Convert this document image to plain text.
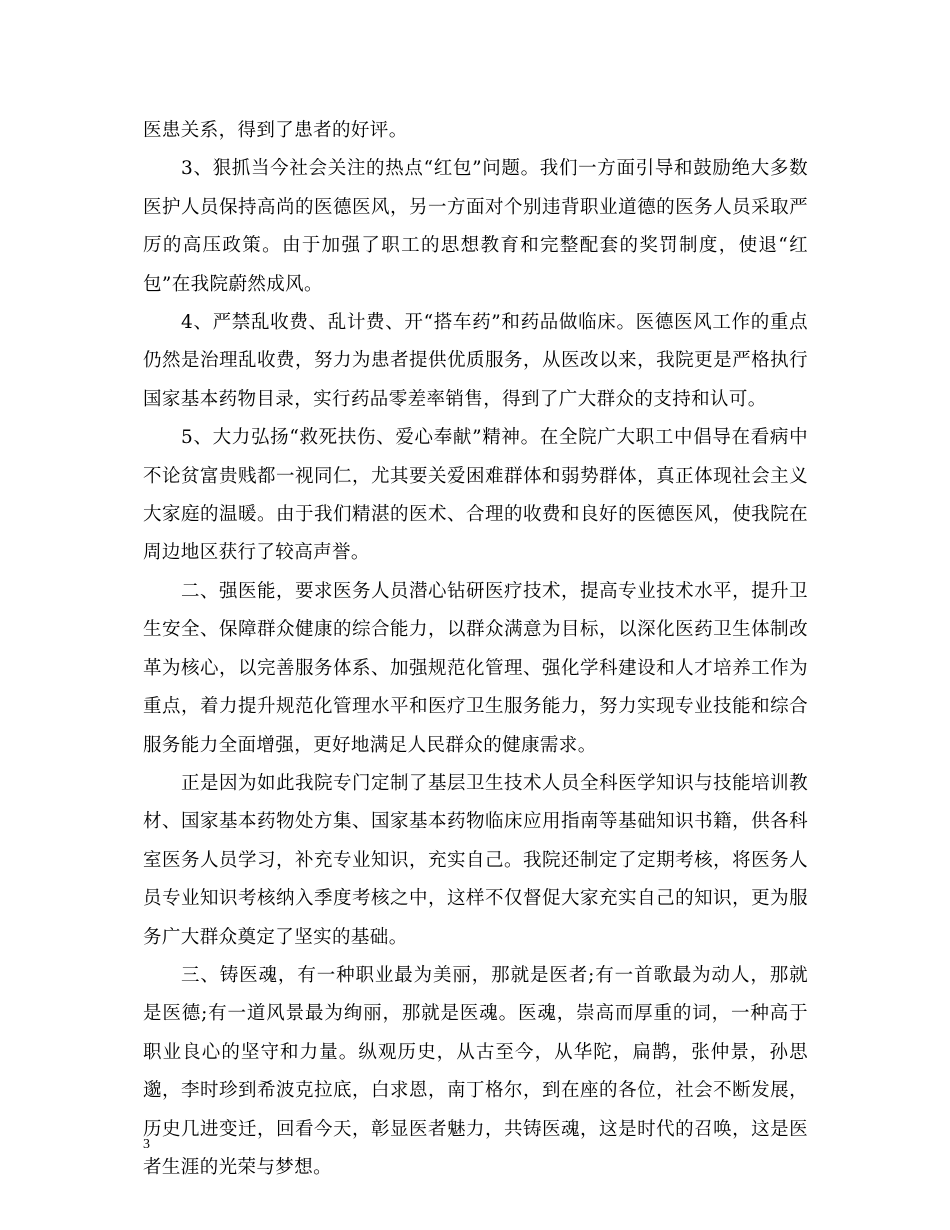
医患关系，得到了患者的好评。

3、狠抓当今社会关注的热点“红包”问题。我们一方面引导和鼓励绝大多数医护人员保持高尚的医德医风，另一方面对个别违背职业道德的医务人员采取严厉的高压政策。由于加强了职工的思想教育和完整配套的奖罚制度，使退“红包”在我院蔚然成风。

4、严禁乱收费、乱计费、开“搭车药”和药品做临床。医德医风工作的重点仍然是治理乱收费，努力为患者提供优质服务，从医改以来，我院更是严格执行国家基本药物目录，实行药品零差率销售，得到了广大群众的支持和认可。

5、大力弘扬“救死扶伤、爱心奉献”精神。在全院广大职工中倡导在看病中不论贫富贵贱都一视同仁，尤其要关爱困难群体和弱势群体，真正体现社会主义大家庭的温暖。由于我们精湛的医术、合理的收费和良好的医德医风，使我院在周边地区获行了较高声誉。

二、强医能，要求医务人员潜心钻研医疗技术，提高专业技术水平，提升卫生安全、保障群众健康的综合能力，以群众满意为目标，以深化医药卫生体制改革为核心，以完善服务体系、加强规范化管理、强化学科建设和人才培养工作为重点，着力提升规范化管理水平和医疗卫生服务能力，努力实现专业技能和综合服务能力全面增强，更好地满足人民群众的健康需求。

正是因为如此我院专门定制了基层卫生技术人员全科医学知识与技能培训教材、国家基本药物处方集、国家基本药物临床应用指南等基础知识书籍，供各科室医务人员学习，补充专业知识，充实自己。我院还制定了定期考核，将医务人员专业知识考核纳入季度考核之中，这样不仅督促大家充实自己的知识，更为服务广大群众奠定了坚实的基础。

三、铸医魂，有一种职业最为美丽，那就是医者;有一首歌最为动人，那就是医德;有一道风景最为绚丽，那就是医魂。医魂，崇高而厚重的词，一种高于职业良心的坚守和力量。纵观历史，从古至今，从华陀，扁鹊，张仲景，孙思邈，李时珍到希波克拉底，白求恩，南丁格尔，到在座的各位，社会不断发展，历史几进变迁，回看今天，彰显医者魅力，共铸医魂，这是时代的召唤，这是医者生涯的光荣与梦想。

3
